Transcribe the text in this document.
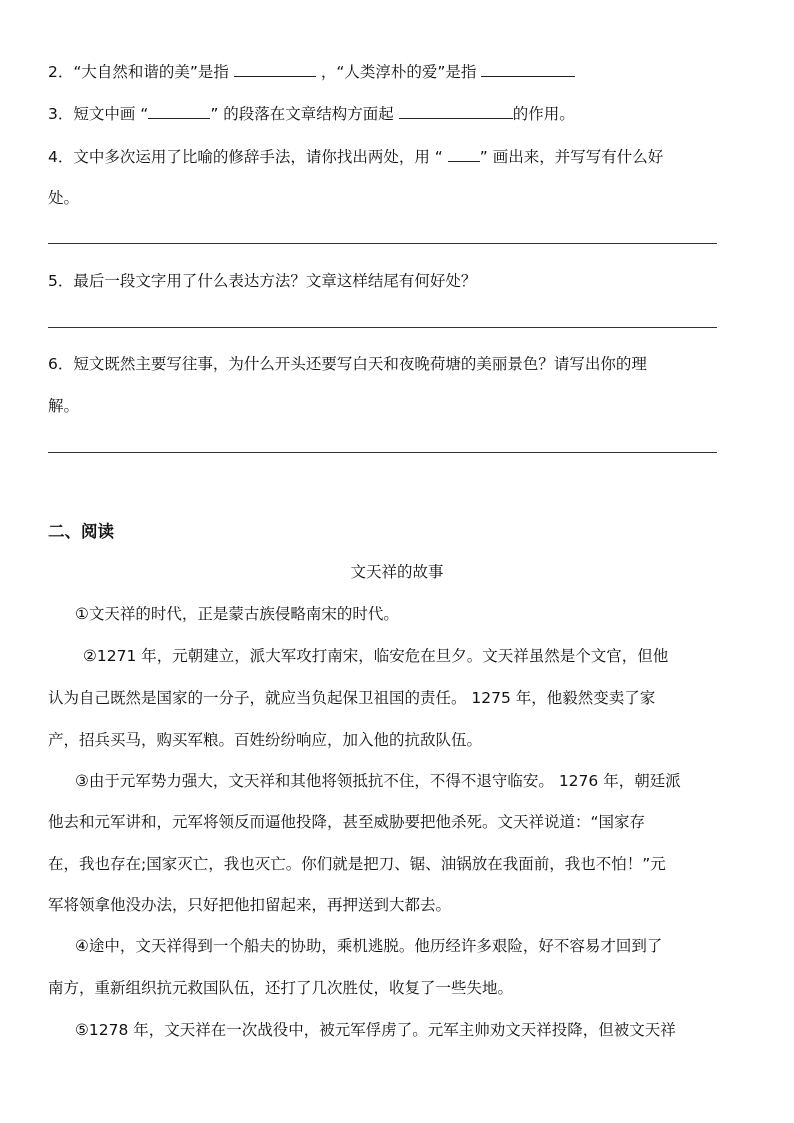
2．“大自然和谐的美”是指	，“人类淳朴的爱”是指
3．短文中画 “	” 的段落在文章结构方面起	的作用。
4．文中多次运用了比喻的修辞手法，请你找出两处，用 “ ” 画出来，并写写有什么好
处。
5．最后一段文字用了什么表达方法？文章这样结尾有何好处？
6．短文既然主要写往事，为什么开头还要写白天和夜晚荷塘的美丽景色？请写出你的理
解。
二、阅读
文天祥的故事
①文天祥的时代，正是蒙古族侵略南宋的时代。
②1271 年，元朝建立，派大军攻打南宋，临安危在旦夕。文天祥虽然是个文官，但他
认为自己既然是国家的一分子，就应当负起保卫祖国的责任。 1275 年，他毅然变卖了家
产，招兵买马，购买军粮。百姓纷纷响应，加入他的抗敌队伍。
③由于元军势力强大，文天祥和其他将领抵抗不住，不得不退守临安。 1276 年，朝廷派
他去和元军讲和，元军将领反而逼他投降，甚至威胁要把他杀死。文天祥说道：“国家存
在，我也存在;国家灭亡，我也灭亡。你们就是把刀、锯、油锅放在我面前，我也不怕！”元
军将领拿他没办法，只好把他扣留起来，再押送到大都去。
④途中，文天祥得到一个船夫的协助，乘机逃脱。他历经许多艰险，好不容易才回到了
南方，重新组织抗元救国队伍，还打了几次胜仗，收复了一些失地。
⑤1278 年，文天祥在一次战役中，被元军俘虏了。元军主帅劝文天祥投降，但被文天祥
